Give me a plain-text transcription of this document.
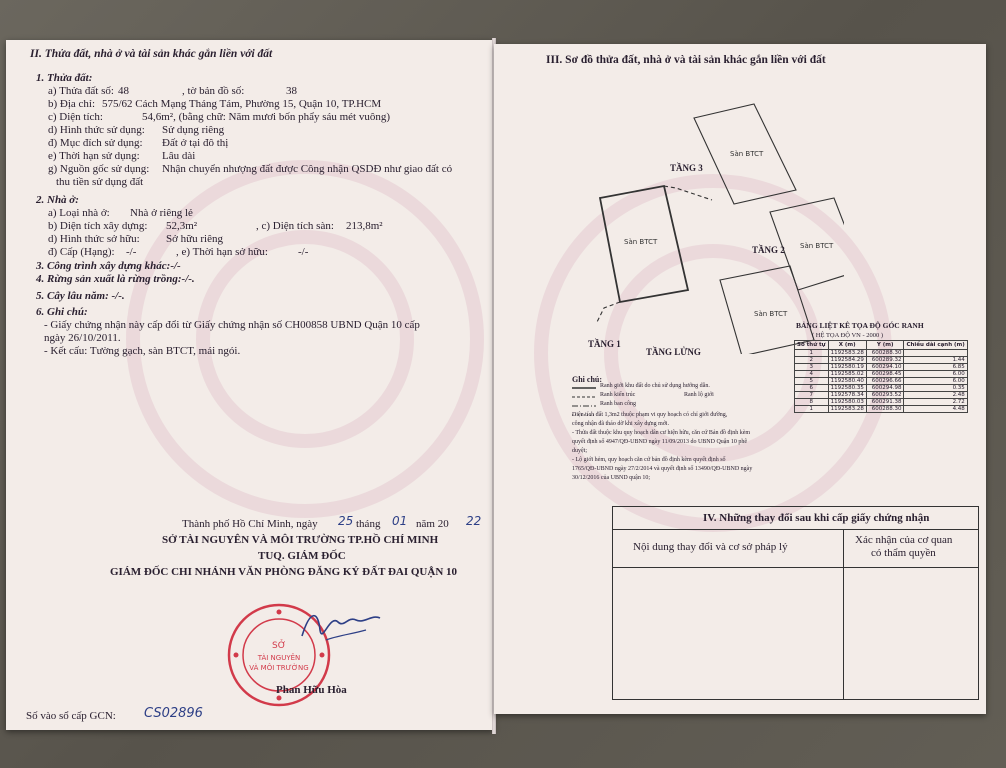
II. Thửa đất, nhà ở và tài sản khác gắn liền với đất
1. Thửa đất:
a) Thửa đất số: 48	, tờ bản đồ số:	38
b) Địa chỉ: 575/62 Cách Mạng Tháng Tám, Phường 15, Quận 10, TP.HCM
c) Diện tích:	54,6m², (bằng chữ: Năm mươi bốn phẩy sáu mét vuông)
d) Hình thức sử dụng: Sử dụng riêng
đ) Mục đích sử dụng: Đất ở tại đô thị
e) Thời hạn sử dụng: Lâu dài
g) Nguồn gốc sử dụng: Nhận chuyển nhượng đất được Công nhận QSDĐ như giao đất có
thu tiền sử dụng đất
2. Nhà ở:
a) Loại nhà ở: Nhà ở riêng lẻ
b) Diện tích xây dựng: 52,3m²	, c) Diện tích sàn: 213,8m²
d) Hình thức sở hữu: Sở hữu riêng
đ) Cấp (Hạng): -/-	, e) Thời hạn sở hữu:	-/-
3. Công trình xây dựng khác:-/-
4. Rừng sản xuất là rừng trồng:-/-.
5. Cây lâu năm: -/-.
6. Ghi chú:
- Giấy chứng nhận này cấp đổi từ Giấy chứng nhận số CH00858 UBND Quận 10 cấp
ngày 26/10/2011.
- Kết cấu: Tường gạch, sàn BTCT, mái ngói.
Thành phố Hồ Chí Minh, ngày 25 tháng 01 năm 20 22
SỞ TÀI NGUYÊN VÀ MÔI TRƯỜNG TP.HỒ CHÍ MINH
TUQ. GIÁM ĐỐC
GIÁM ĐỐC CHI NHÁNH VĂN PHÒNG ĐĂNG KÝ ĐẤT ĐAI QUẬN 10
SỞ
TÀI NGUYÊN
VÀ MÔI TRƯỜNG
Phan Hữu Hòa
Số vào sổ cấp GCN: CS02896
III. Sơ đồ thửa đất, nhà ở và tài sản khác gắn liền với đất
Sàn BTCT
Sàn BTCT
Sàn BTCT
Sàn BTCT
TẦNG 3
TẦNG 2
TẦNG 1
TẦNG LỬNG
BẢNG LIỆT KÊ TỌA ĐỘ GÓC RANH
( HỆ TỌA ĐỘ VN - 2000 )
Số thứ tự	X (m)	Y (m)	Chiều dài cạnh (m)
1	1192583.28	600288.30	
2	1192584.29	600289.32	1.44
3	1192580.19	600294.10	6.85
4	1192585.02	600298.45	6.00
5	1192580.40	600296.66	6.00
6	1192580.35	600294.98	0.35
7	1192578.34	600293.52	2.48
8	1192580.03	600291.38	2.72
1	1192583.28	600288.30	4.48
Ghi chú:
Ranh giới khu đất do chủ sử dụng hướng dẫn.
Ranh kiến trúc	Ranh lộ giới
Ranh ban công
Diện tích đất 1,3m2 thuộc phạm vi quy hoạch có chỉ giới đường,
công nhận đã tháo dỡ khi xây dựng mới.
- Thửa đất thuộc khu quy hoạch dân cư hiện hữu, căn cứ Bản đồ định kèm
quyết định số 4947/QĐ-UBND ngày 11/09/2013 do UBND Quận 10 phê
duyệt;
- Lộ giới hẻm, quy hoạch căn cứ bản đồ định kèm quyết định số
1765/QĐ-UBND ngày 27/2/2014 và quyết định số 13490/QĐ-UBND ngày
30/12/2016 của UBND quận 10;
IV. Những thay đổi sau khi cấp giấy chứng nhận
Nội dung thay đổi và cơ sở pháp lý
Xác nhận của cơ quan
có thẩm quyền
